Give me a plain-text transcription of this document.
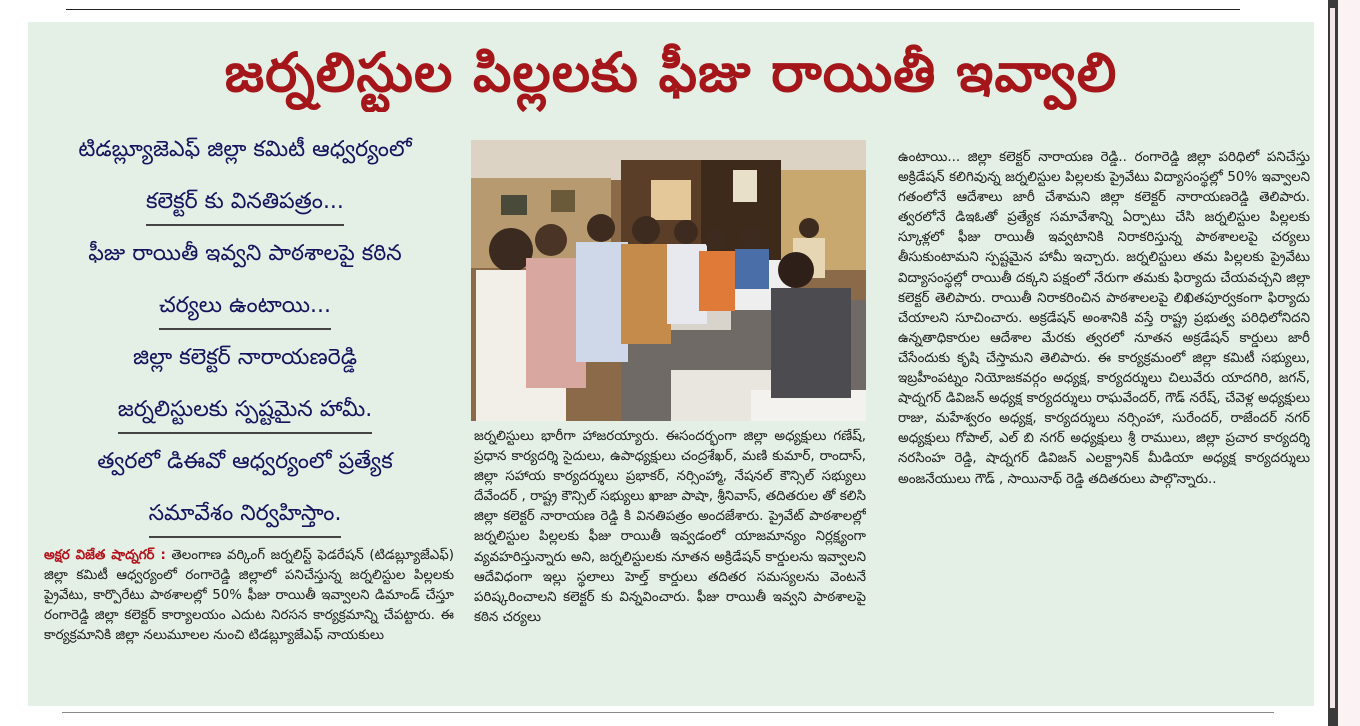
జర్నలిస్టుల పిల్లలకు ఫీజు రాయితీ ఇవ్వాలి
టిడబ్ల్యూజెఎఫ్ జిల్లా కమిటీ ఆధ్వర్యంలో
కలెక్టర్ కు వినతిపత్రం...
ఫీజు రాయితీ ఇవ్వని పాఠశాలపై కఠిన
చర్యలు ఉంటాయి...
జిల్లా కలెక్టర్ నారాయణరెడ్డి
జర్నలిస్టులకు స్పష్టమైన హామీ.
త్వరలో డిఈవో ఆధ్వర్యంలో ప్రత్యేక
సమావేశం నిర్వహిస్తాం.
అక్షర విజేత షాద్నగర్ : తెలంగాణ వర్కింగ్ జర్నలిస్ట్ ఫెడరేషన్ (టిడబ్ల్యూజేఎఫ్) జిల్లా కమిటీ ఆధ్వర్యంలో రంగారెడ్డి జిల్లాలో పనిచేస్తున్న జర్నలిస్టుల పిల్లలకు ప్రైవేటు, కార్పొరేటు పాఠశాలల్లో 50% ఫీజు రాయితీ ఇవ్వాలని డిమాండ్ చేస్తూ రంగారెడ్డి జిల్లా కలెక్టర్ కార్యాలయం ఎదుట నిరసన కార్యక్రమాన్ని చేపట్టారు. ఈ కార్యక్రమానికి జిల్లా నలుమూలల నుంచి టిడబ్ల్యూజేఎఫ్ నాయకులు
జర్నలిస్టులు భారీగా హాజరయ్యారు. ఈసందర్భంగా జిల్లా అధ్యక్షులు గణేష్, ప్రధాన కార్యదర్శి సైదులు, ఉపాధ్యక్షులు చంద్రశేఖర్, మణి కుమార్, రాందాస్, జిల్లా సహాయ కార్యదర్శులు ప్రభాకర్, నర్సింహ్మా, నేషనల్ కౌన్సిల్ సభ్యులు దేవేందర్ , రాష్ట్ర కౌన్సిల్ సభ్యులు ఖాజా పాషా, శ్రీనివాస్, తదితరుల తో కలిసి జిల్లా కలెక్టర్ నారాయణ రెడ్డి కి వినతిపత్రం అందజేశారు. ప్రైవేట్ పాఠశాలల్లో జర్నలిస్టుల పిల్లలకు ఫీజు రాయితీ ఇవ్వడంలో యాజమాన్యం నిర్లక్ష్యంగా వ్యవహరిస్తున్నారు అని, జర్నలిస్టులకు నూతన అక్రిడేషన్ కార్డులను ఇవ్వాలని ఆదేవిధంగా ఇల్లు స్థలాలు హెల్త్ కార్డులు తదితర సమస్యలను వెంటనే పరిష్కరించాలని కలెక్టర్ కు విన్నవించారు. ఫీజు రాయితీ ఇవ్వని పాఠశాలపై కఠిన చర్యలు
ఉంటాయి... జిల్లా కలెక్టర్ నారాయణ రెడ్డి.. రంగారెడ్డి జిల్లా పరిధిలో పనిచేస్తు అక్రిడేషన్ కలిగివున్న జర్నలిస్టుల పిల్లలకు ప్రైవేటు విద్యాసంస్థల్లో 50% ఇవ్వాలని గతంలోనే ఆదేశాలు జారీ చేశామని జిల్లా కలెక్టర్ నారాయణరెడ్డి తెలిపారు. త్వరలోనే డిఇఓతో ప్రత్యేక సమావేశాన్ని ఏర్పాటు చేసి జర్నలిస్టుల పిల్లలకు స్కూళ్లలో ఫీజు రాయితీ ఇవ్వటానికి నిరాకరిస్తున్న పాఠశాలలపై చర్యలు తీసుకుంటామని స్పష్టమైన హామీ ఇచ్చారు. జర్నలిస్టులు తమ పిల్లలకు ప్రైవేటు విద్యాసంస్థల్లో రాయితీ దక్కని పక్షంలో నేరుగా తమకు ఫిర్యాదు చేయవచ్చని జిల్లా కలెక్టర్ తెలిపారు. రాయితీ నిరాకరించిన పాఠశాలలపై లిఖితపూర్వకంగా ఫిర్యాదు చేయాలని సూచించారు. అక్రడేషన్ అంశానికి వస్తే రాష్ట్ర ప్రభుత్వ పరిధిలోనిదని ఉన్నతాధికారుల ఆదేశాల మేరకు త్వరలో నూతన అక్రడేషన్ కార్డులు జారీ చేసేందుకు కృషి చేస్తామని తెలిపారు. ఈ కార్యక్రమంలో జిల్లా కమిటీ సభ్యులు, ఇబ్రహీంపట్నం నియోజకవర్గం అధ్యక్ష, కార్యదర్శులు చిలువేరు యాదగిరి, జగన్, షాద్నగర్ డివిజన్ అధ్యక్ష కార్యదర్శులు రాఘవేందర్, గౌడ్ నరేష్, చేవెళ్ల అధ్యక్షులు రాజు, మహేశ్వరం అధ్యక్ష, కార్యదర్శులు నర్సింహా, సురేందర్, రాజేందర్ నగర్ అధ్యక్షులు గోపాల్, ఎల్ బి నగర్ అధ్యక్షులు శ్రీ రాములు, జిల్లా ప్రచార కార్యదర్శి నరసింహ రెడ్డి, షాద్నగర్ డివిజన్ ఎలక్ట్రానిక్ మీడియా అధ్యక్ష కార్యదర్శులు అంజనేయులు గౌడ్ , సాయినాథ్ రెడ్డి తదితరులు పాల్గొన్నారు..
